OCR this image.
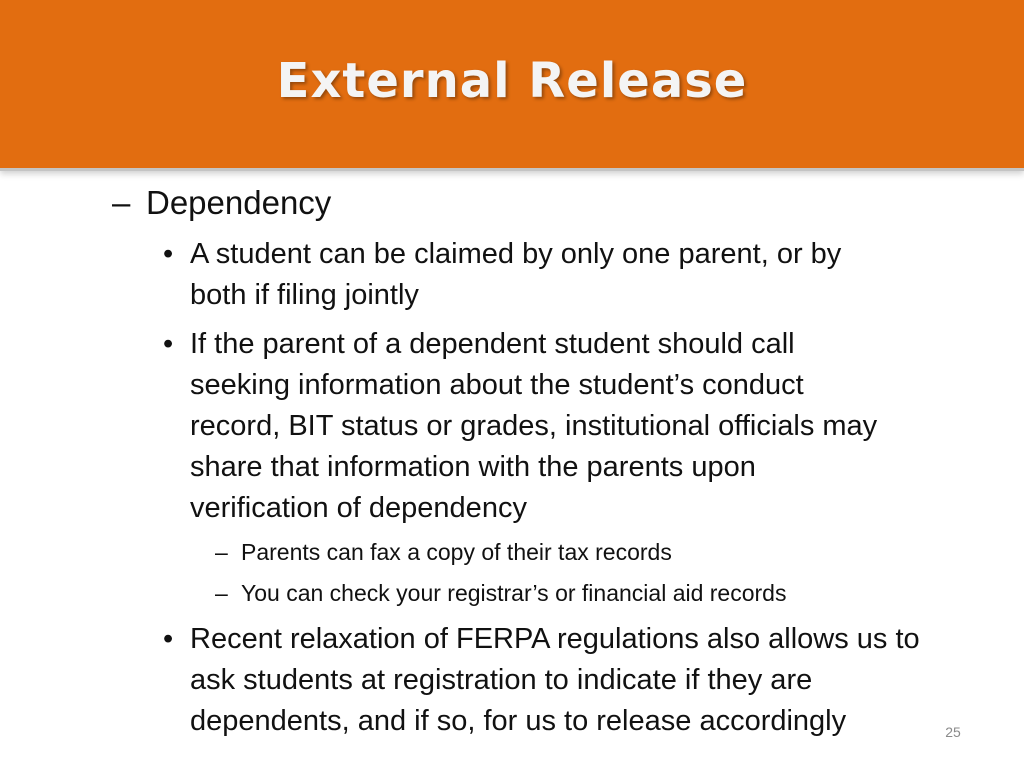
External Release
– Dependency
• A student can be claimed by only one parent, or by
both if filing jointly
• If the parent of a dependent student should call
seeking information about the student’s conduct
record, BIT status or grades, institutional officials may
share that information with the parents upon
verification of dependency
– Parents can fax a copy of their tax records
– You can check your registrar’s or financial aid records
• Recent relaxation of FERPA regulations also allows us to
ask students at registration to indicate if they are
dependents, and if so, for us to release accordingly	25
